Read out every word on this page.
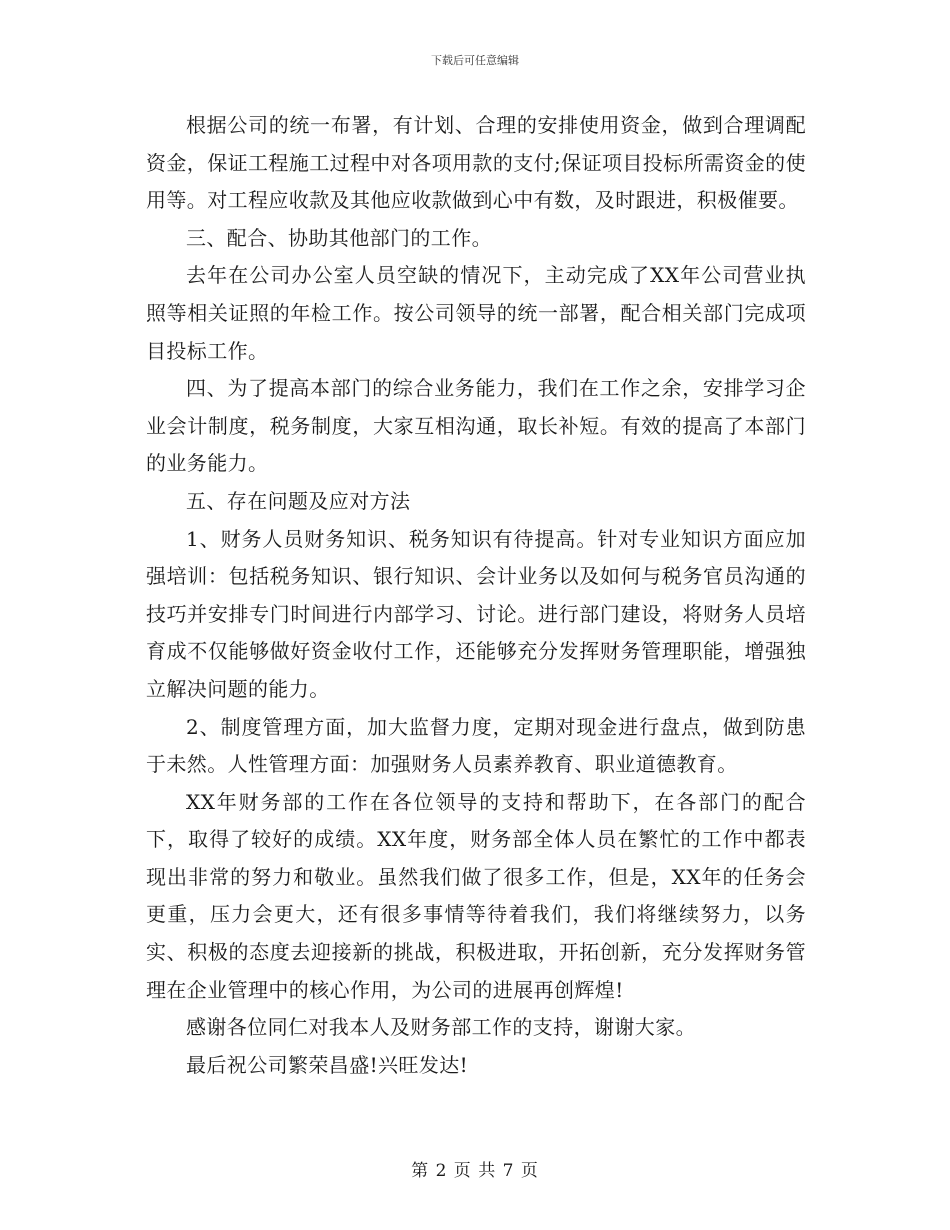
下载后可任意编辑

根据公司的统一布署，有计划、合理的安排使用资金，做到合理调配资金，保证工程施工过程中对各项用款的支付;保证项目投标所需资金的使用等。对工程应收款及其他应收款做到心中有数，及时跟进，积极催要。

三、配合、协助其他部门的工作。

去年在公司办公室人员空缺的情况下，主动完成了XX年公司营业执照等相关证照的年检工作。按公司领导的统一部署，配合相关部门完成项目投标工作。

四、为了提高本部门的综合业务能力，我们在工作之余，安排学习企业会计制度，税务制度，大家互相沟通，取长补短。有效的提高了本部门的业务能力。

五、存在问题及应对方法

1、财务人员财务知识、税务知识有待提高。针对专业知识方面应加强培训：包括税务知识、银行知识、会计业务以及如何与税务官员沟通的技巧并安排专门时间进行内部学习、讨论。进行部门建设，将财务人员培育成不仅能够做好资金收付工作，还能够充分发挥财务管理职能，增强独立解决问题的能力。

2、制度管理方面，加大监督力度，定期对现金进行盘点，做到防患于未然。人性管理方面：加强财务人员素养教育、职业道德教育。

XX年财务部的工作在各位领导的支持和帮助下，在各部门的配合下，取得了较好的成绩。XX年度，财务部全体人员在繁忙的工作中都表现出非常的努力和敬业。虽然我们做了很多工作，但是，XX年的任务会更重，压力会更大，还有很多事情等待着我们，我们将继续努力，以务实、积极的态度去迎接新的挑战，积极进取，开拓创新，充分发挥财务管理在企业管理中的核心作用，为公司的进展再创辉煌!

感谢各位同仁对我本人及财务部工作的支持，谢谢大家。

最后祝公司繁荣昌盛!兴旺发达!

第 2 页 共 7 页
